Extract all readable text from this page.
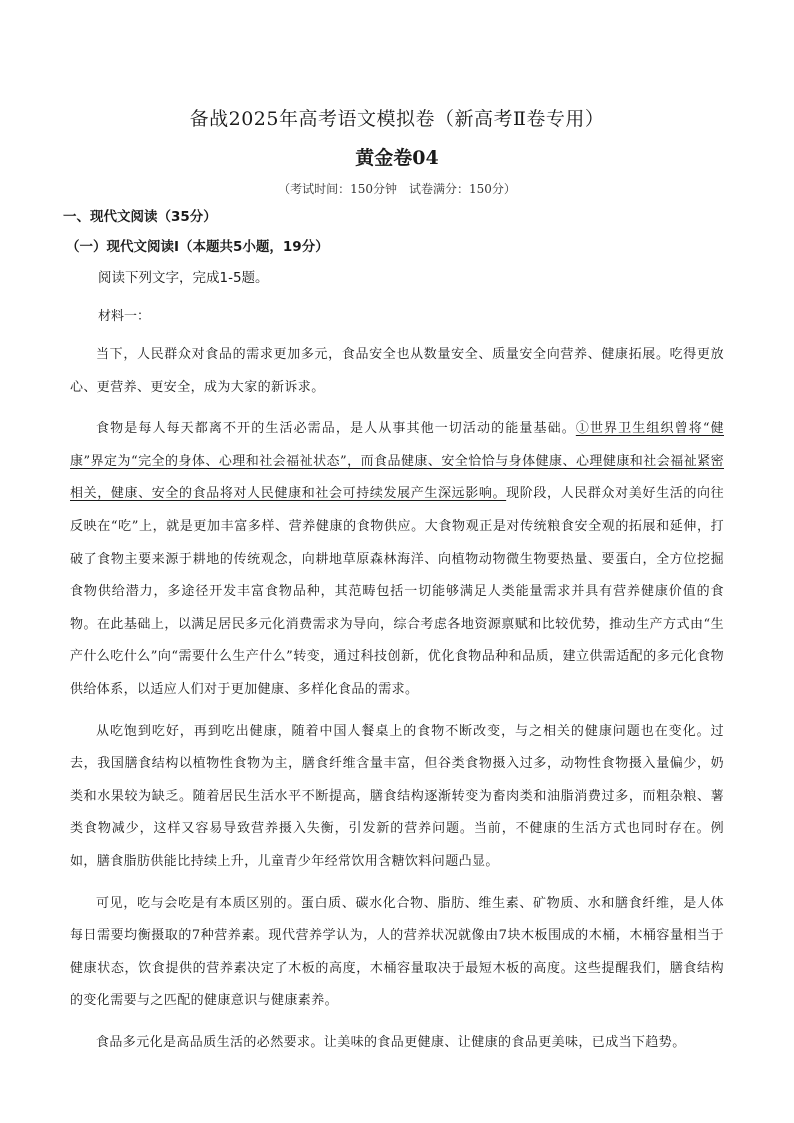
备战2025年高考语文模拟卷（新高考Ⅱ卷专用）
黄金卷04
（考试时间：150分钟　试卷满分：150分）
一、现代文阅读（35分）
（一）现代文阅读Ⅰ（本题共5小题，19分）
阅读下列文字，完成1-5题。
材料一：

当下，人民群众对食品的需求更加多元，食品安全也从数量安全、质量安全向营养、健康拓展。吃得更放心、更营养、更安全，成为大家的新诉求。

食物是每人每天都离不开的生活必需品，是人从事其他一切活动的能量基础。①世界卫生组织曾将“健康”界定为“完全的身体、心理和社会福祉状态”，而食品健康、安全恰恰与身体健康、心理健康和社会福祉紧密相关，健康、安全的食品将对人民健康和社会可持续发展产生深远影响。现阶段，人民群众对美好生活的向往反映在“吃”上，就是更加丰富多样、营养健康的食物供应。大食物观正是对传统粮食安全观的拓展和延伸，打破了食物主要来源于耕地的传统观念，向耕地草原森林海洋、向植物动物微生物要热量、要蛋白，全方位挖掘食物供给潜力，多途径开发丰富食物品种，其范畴包括一切能够满足人类能量需求并具有营养健康价值的食物。在此基础上，以满足居民多元化消费需求为导向，综合考虑各地资源禀赋和比较优势，推动生产方式由“生产什么吃什么”向“需要什么生产什么”转变，通过科技创新，优化食物品种和品质，建立供需适配的多元化食物供给体系，以适应人们对于更加健康、多样化食品的需求。

从吃饱到吃好，再到吃出健康，随着中国人餐桌上的食物不断改变，与之相关的健康问题也在变化。过去，我国膳食结构以植物性食物为主，膳食纤维含量丰富，但谷类食物摄入过多，动物性食物摄入量偏少，奶类和水果较为缺乏。随着居民生活水平不断提高，膳食结构逐渐转变为畜肉类和油脂消费过多，而粗杂粮、薯类食物减少，这样又容易导致营养摄入失衡，引发新的营养问题。当前，不健康的生活方式也同时存在。例如，膳食脂肪供能比持续上升，儿童青少年经常饮用含糖饮料问题凸显。

可见，吃与会吃是有本质区别的。蛋白质、碳水化合物、脂肪、维生素、矿物质、水和膳食纤维，是人体每日需要均衡摄取的7种营养素。现代营养学认为，人的营养状况就像由7块木板围成的木桶，木桶容量相当于健康状态，饮食提供的营养素决定了木板的高度，木桶容量取决于最短木板的高度。这些提醒我们，膳食结构的变化需要与之匹配的健康意识与健康素养。

食品多元化是高品质生活的必然要求。让美味的食品更健康、让健康的食品更美味，已成当下趋势。
